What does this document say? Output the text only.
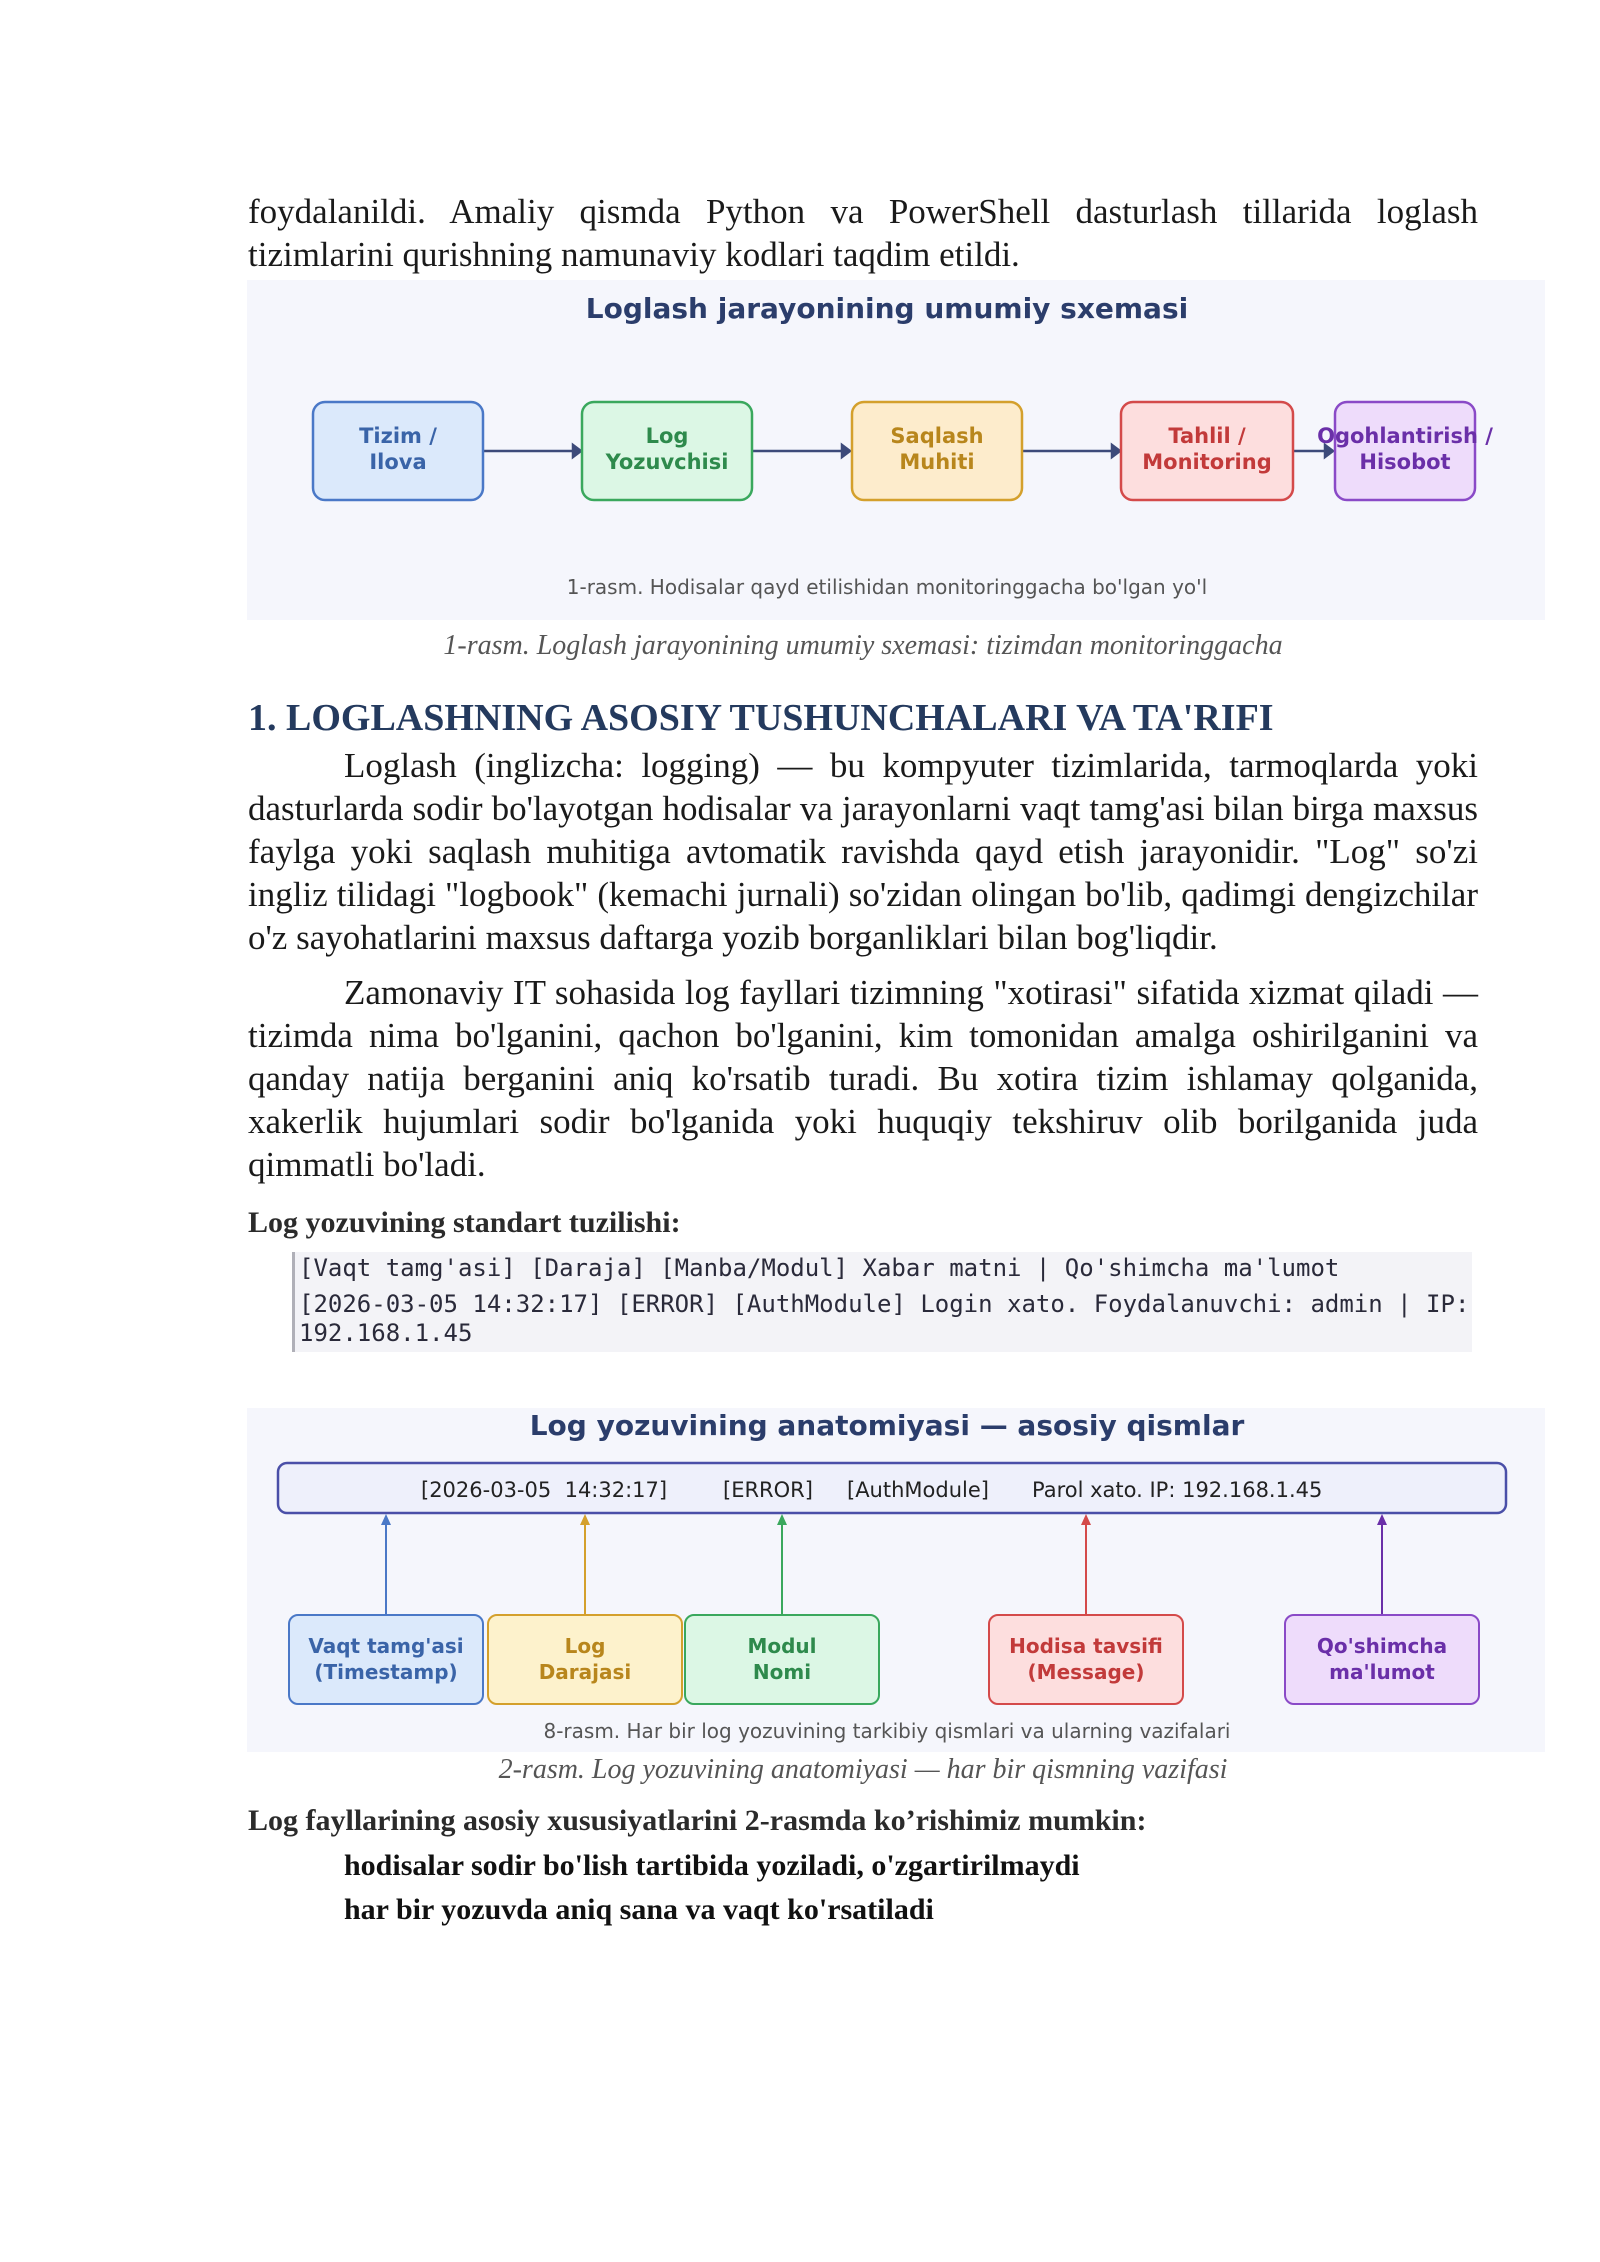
foydalanildi. Amaliy qismda Python va PowerShell dasturlash tillarida loglash

tizimlarini qurishning namunaviy kodlari taqdim etildi.

Loglash jarayonining umumiy sxemasi
Tizim /
Ilova
Log
Yozuvchisi
Saqlash
Muhiti
Tahlil /
Monitoring
Ogohlantirish /
Hisobot
1-rasm. Hodisalar qayd etilishidan monitoringgacha bo'lgan yo'l

1-rasm. Loglash jarayonining umumiy sxemasi: tizimdan monitoringgacha

1. LOGLASHNING ASOSIY TUSHUNCHALARI VA TA'RIFI

Loglash (inglizcha: logging) — bu kompyuter tizimlarida, tarmoqlarda yoki dasturlarda sodir bo'layotgan hodisalar va jarayonlarni vaqt tamg'asi bilan birga maxsus faylga yoki saqlash muhitiga avtomatik ravishda qayd etish jarayonidir. "Log" so'zi ingliz tilidagi "logbook" (kemachi jurnali) so'zidan olingan bo'lib, qadimgi dengizchilar o'z sayohatlarini maxsus daftarga yozib borganliklari bilan bog'liqdir.

Zamonaviy IT sohasida log fayllari tizimning "xotirasi" sifatida xizmat qiladi — tizimda nima bo'lganini, qachon bo'lganini, kim tomonidan amalga oshirilganini va qanday natija berganini aniq ko'rsatib turadi. Bu xotira tizim ishlamay qolganida, xakerlik hujumlari sodir bo'lganida yoki huquqiy tekshiruv olib borilganida juda qimmatli bo'ladi.

Log yozuvining standart tuzilishi:

[Vaqt tamg'asi] [Daraja] [Manba/Modul] Xabar matni | Qo'shimcha ma'lumot
[2026-03-05 14:32:17] [ERROR] [AuthModule] Login xato. Foydalanuvchi: admin | IP: 192.168.1.45
Log yozuvining anatomiyasi — asosiy qismlar
[2026-03-05  14:32:17]	[ERROR] [AuthModule] Parol xato. IP: 192.168.1.45
Vaqt tamg'asi
(Timestamp)
Log
Darajasi
Modul
Nomi
Hodisa tavsifi
(Message)
Qo'shimcha
ma'lumot
8-rasm. Har bir log yozuvining tarkibiy qismlari va ularning vazifalari

2-rasm. Log yozuvining anatomiyasi — har bir qismning vazifasi

Log fayllarining asosiy xususiyatlarini 2-rasmda ko’rishimiz mumkin:

hodisalar sodir bo'lish tartibida yoziladi, o'zgartirilmaydi
har bir yozuvda aniq sana va vaqt ko'rsatiladi
